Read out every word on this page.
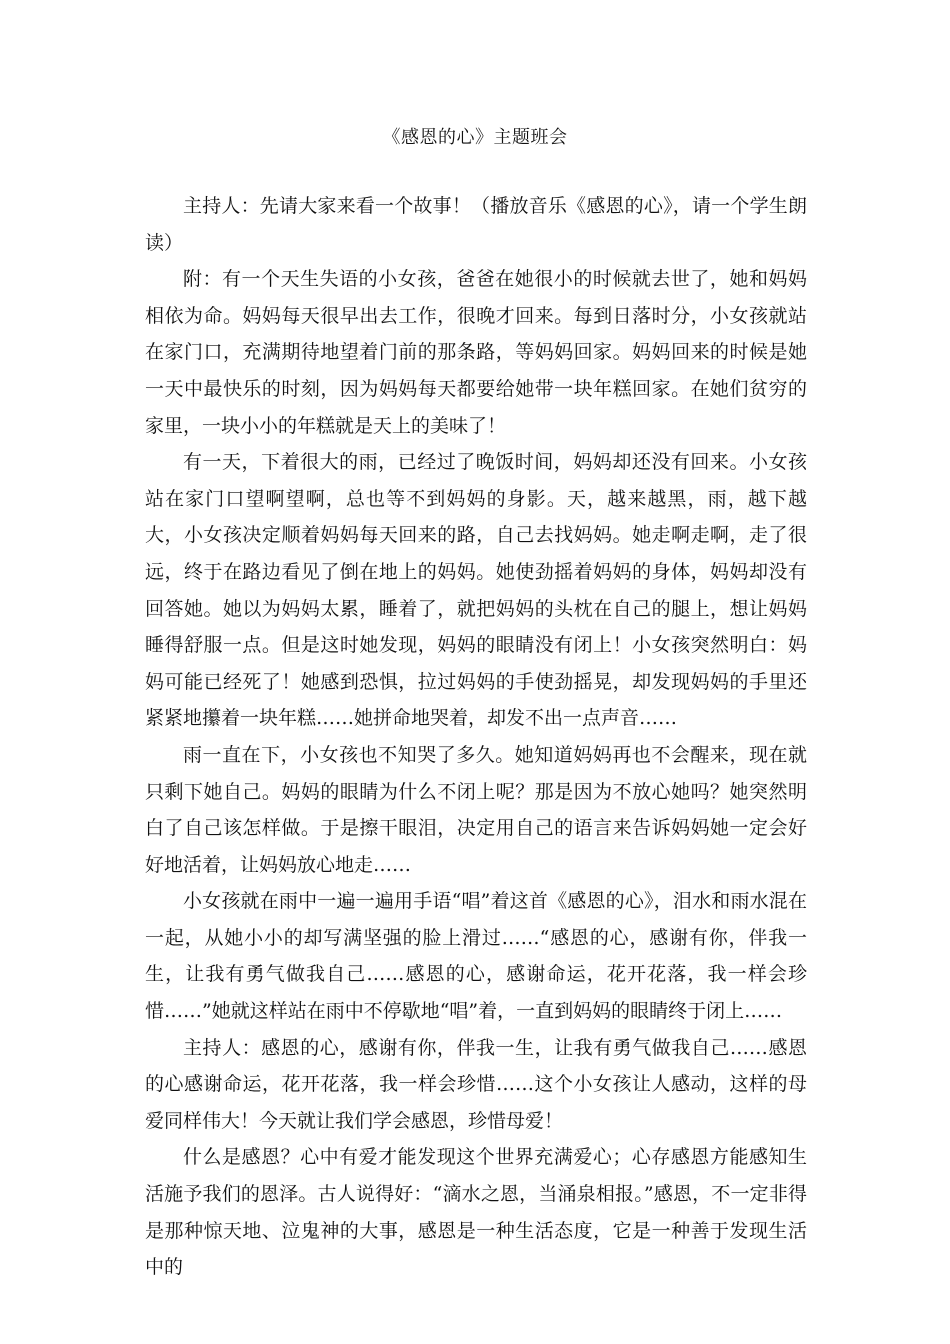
《感恩的心》主题班会

主持人：先请大家来看一个故事！（播放音乐《感恩的心》，请一个学生朗读）

附：有一个天生失语的小女孩，爸爸在她很小的时候就去世了，她和妈妈相依为命。妈妈每天很早出去工作，很晚才回来。每到日落时分，小女孩就站在家门口，充满期待地望着门前的那条路，等妈妈回家。妈妈回来的时候是她一天中最快乐的时刻，因为妈妈每天都要给她带一块年糕回家。在她们贫穷的家里，一块小小的年糕就是天上的美味了！

有一天，下着很大的雨，已经过了晚饭时间，妈妈却还没有回来。小女孩站在家门口望啊望啊，总也等不到妈妈的身影。天，越来越黑，雨，越下越大，小女孩决定顺着妈妈每天回来的路，自己去找妈妈。她走啊走啊，走了很远，终于在路边看见了倒在地上的妈妈。她使劲摇着妈妈的身体，妈妈却没有回答她。她以为妈妈太累，睡着了，就把妈妈的头枕在自己的腿上，想让妈妈睡得舒服一点。但是这时她发现，妈妈的眼睛没有闭上！小女孩突然明白：妈妈可能已经死了！她感到恐惧，拉过妈妈的手使劲摇晃，却发现妈妈的手里还紧紧地攥着一块年糕……她拼命地哭着，却发不出一点声音……

雨一直在下，小女孩也不知哭了多久。她知道妈妈再也不会醒来，现在就只剩下她自己。妈妈的眼睛为什么不闭上呢？那是因为不放心她吗？她突然明白了自己该怎样做。于是擦干眼泪，决定用自己的语言来告诉妈妈她一定会好好地活着，让妈妈放心地走……

小女孩就在雨中一遍一遍用手语“唱”着这首《感恩的心》，泪水和雨水混在一起，从她小小的却写满坚强的脸上滑过……“感恩的心，感谢有你，伴我一生，让我有勇气做我自己……感恩的心，感谢命运，花开花落，我一样会珍惜……”她就这样站在雨中不停歇地“唱”着，一直到妈妈的眼睛终于闭上……

主持人：感恩的心，感谢有你，伴我一生，让我有勇气做我自己……感恩的心感谢命运，花开花落，我一样会珍惜……这个小女孩让人感动，这样的母爱同样伟大！今天就让我们学会感恩，珍惜母爱！

什么是感恩？心中有爱才能发现这个世界充满爱心；心存感恩方能感知生活施予我们的恩泽。古人说得好：“滴水之恩，当涌泉相报。”感恩，不一定非得是那种惊天地、泣鬼神的大事，感恩是一种生活态度，它是一种善于发现生活中的
